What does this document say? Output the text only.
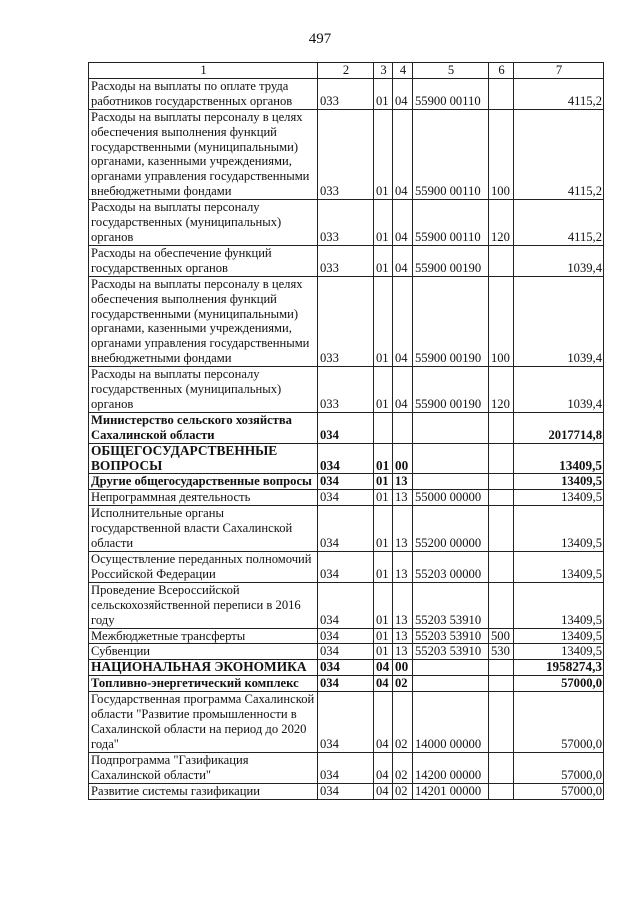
497
1	2	3	4	5	6	7
Расходы на выплаты по оплате труда работников государственных органов	033	01	04	55900 00110		4115,2
Расходы на выплаты персоналу в целях обеспечения выполнения функций государственными (муниципальными) органами, казенными учреждениями, органами управления государственными внебюджетными фондами	033	01	04	55900 00110	100	4115,2
Расходы на выплаты персоналу государственных (муниципальных) органов	033	01	04	55900 00110	120	4115,2
Расходы на обеспечение функций государственных органов	033	01	04	55900 00190		1039,4
Расходы на выплаты персоналу в целях обеспечения выполнения функций государственными (муниципальными) органами, казенными учреждениями, органами управления государственными внебюджетными фондами	033	01	04	55900 00190	100	1039,4
Расходы на выплаты персоналу государственных (муниципальных) органов	033	01	04	55900 00190	120	1039,4
Министерство сельского хозяйства Сахалинской области	034					2017714,8
ОБЩЕГОСУДАРСТВЕННЫЕ ВОПРОСЫ	034	01	00			13409,5
Другие общегосударственные вопросы	034	01	13			13409,5
Непрограммная деятельность	034	01	13	55000 00000		13409,5
Исполнительные органы государственной власти Сахалинской области	034	01	13	55200 00000		13409,5
Осуществление переданных полномочий Российской Федерации	034	01	13	55203 00000		13409,5
Проведение Всероссийской сельскохозяйственной переписи в 2016 году	034	01	13	55203 53910		13409,5
Межбюджетные трансферты	034	01	13	55203 53910	500	13409,5
Субвенции	034	01	13	55203 53910	530	13409,5
НАЦИОНАЛЬНАЯ ЭКОНОМИКА	034	04	00			1958274,3
Топливно-энергетический комплекс	034	04	02			57000,0
Государственная программа Сахалинской области "Развитие промышленности в Сахалинской области на период до 2020 года"	034	04	02	14000 00000		57000,0
Подпрограмма "Газификация Сахалинской области"	034	04	02	14200 00000		57000,0
Развитие системы газификации	034	04	02	14201 00000		57000,0
